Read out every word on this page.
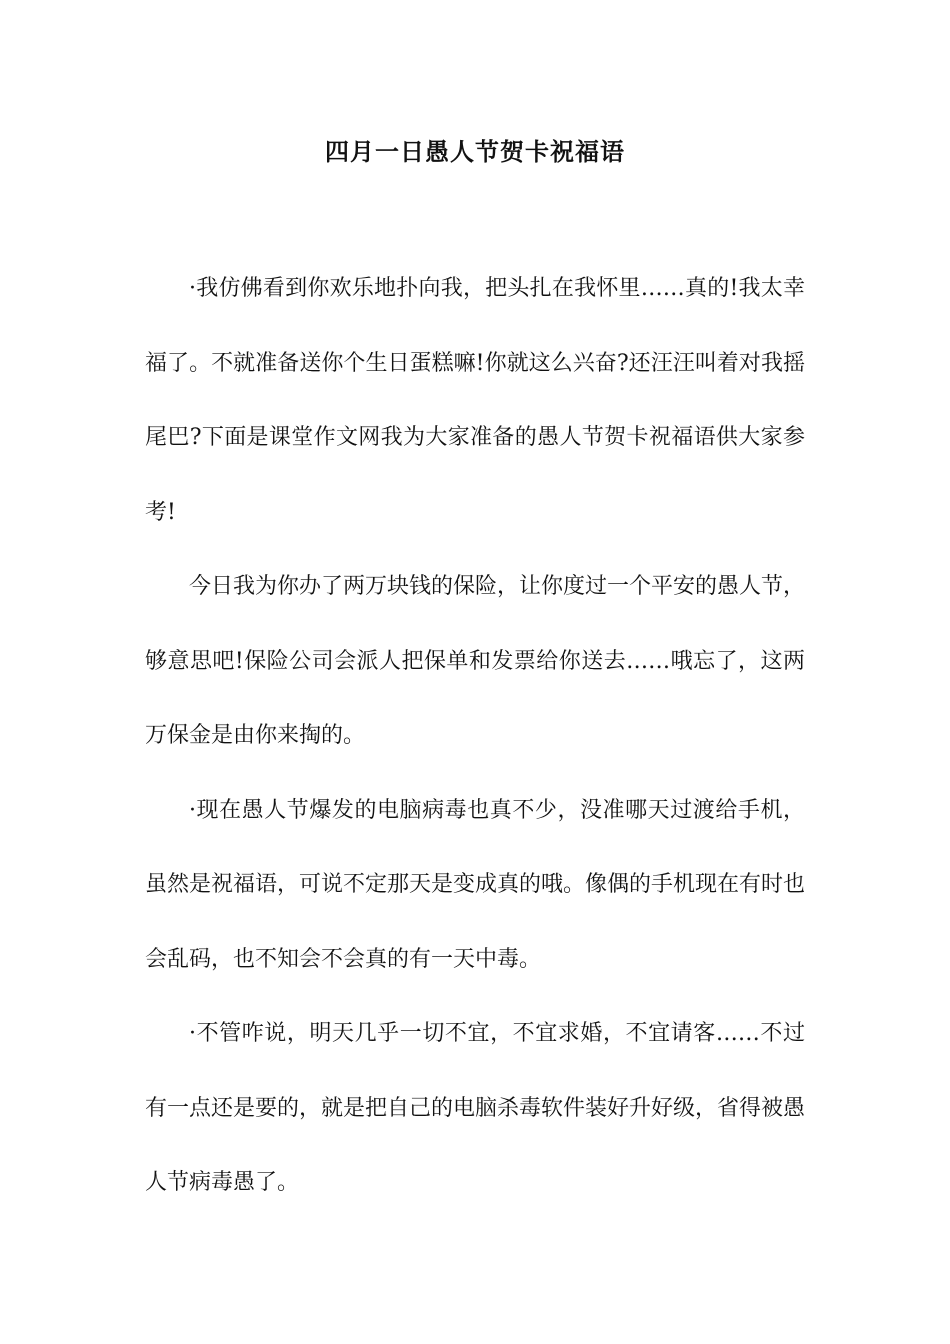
四月一日愚人节贺卡祝福语

·我仿佛看到你欢乐地扑向我，把头扎在我怀里……真的!我太幸福了。不就准备送你个生日蛋糕嘛!你就这么兴奋?还汪汪叫着对我摇尾巴?下面是课堂作文网我为大家准备的愚人节贺卡祝福语供大家参考!

今日我为你办了两万块钱的保险，让你度过一个平安的愚人节，够意思吧!保险公司会派人把保单和发票给你送去……哦忘了，这两万保金是由你来掏的。

·现在愚人节爆发的电脑病毒也真不少，没准哪天过渡给手机，虽然是祝福语，可说不定那天是变成真的哦。像偶的手机现在有时也会乱码，也不知会不会真的有一天中毒。

·不管咋说，明天几乎一切不宜，不宜求婚，不宜请客……不过有一点还是要的，就是把自己的电脑杀毒软件装好升好级，省得被愚人节病毒愚了。
